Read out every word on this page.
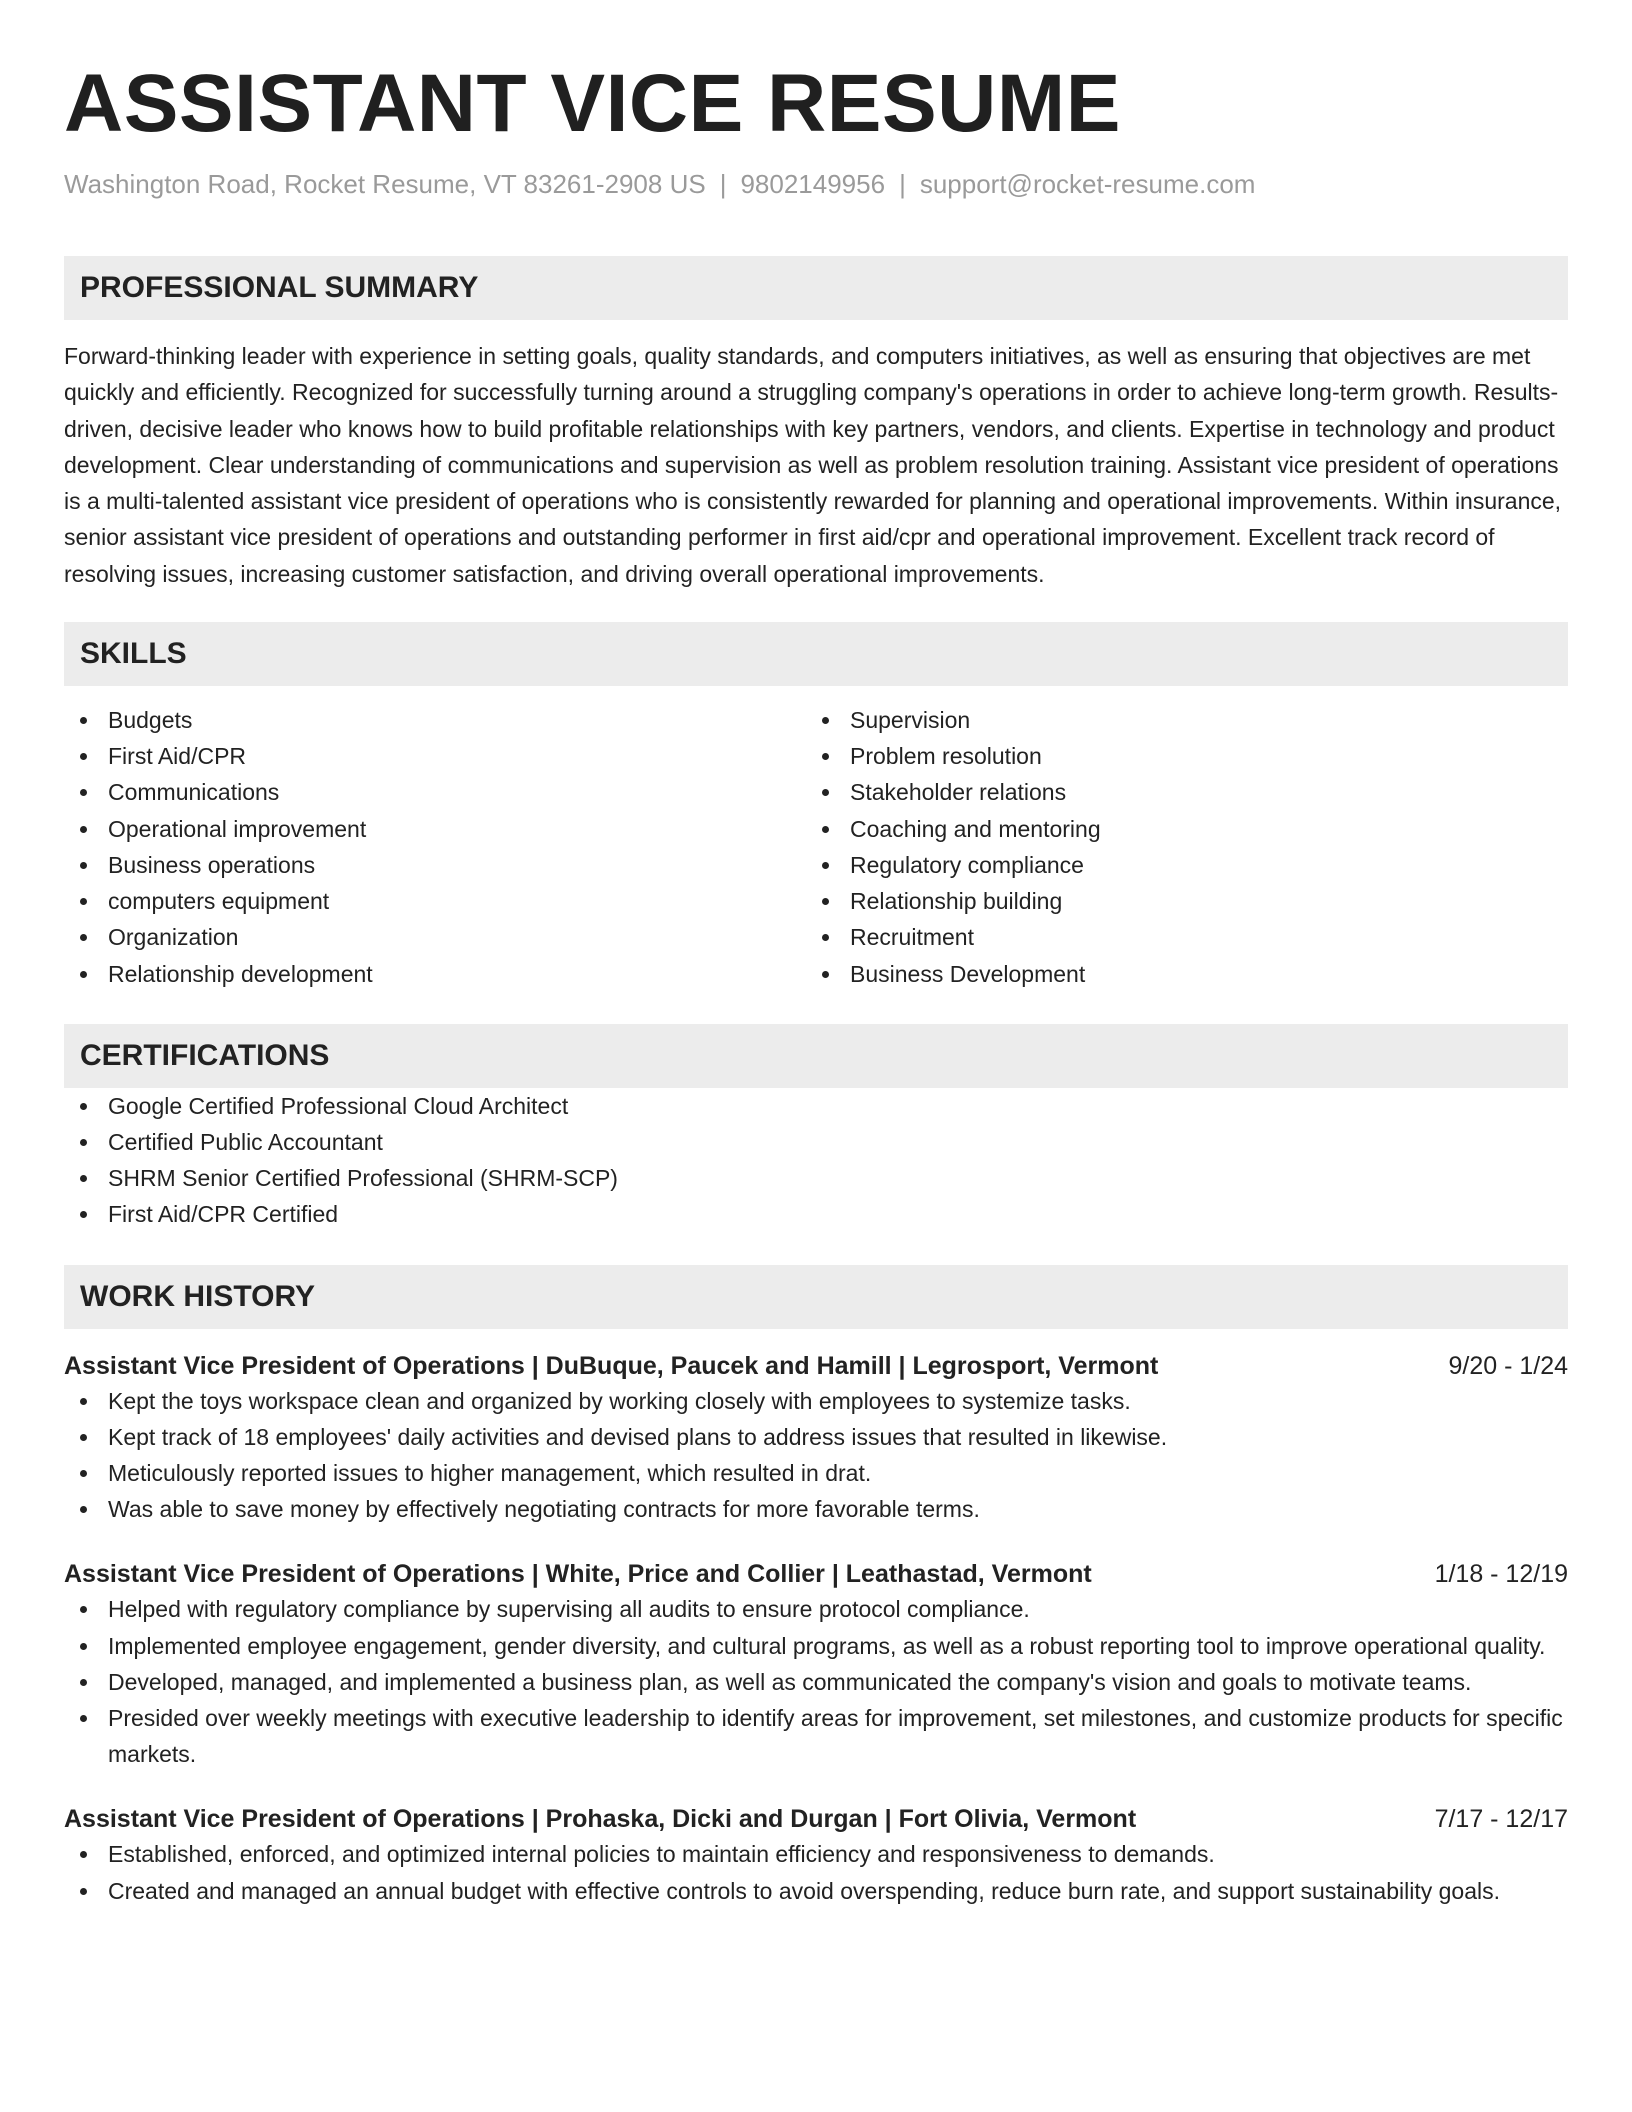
ASSISTANT VICE RESUME
Washington Road, Rocket Resume, VT 83261-2908 US | 9802149956 | support@rocket-resume.com
PROFESSIONAL SUMMARY

Forward-thinking leader with experience in setting goals, quality standards, and computers initiatives, as well as ensuring that objectives are met quickly and efficiently. Recognized for successfully turning around a struggling company's operations in order to achieve long-term growth. Results-driven, decisive leader who knows how to build profitable relationships with key partners, vendors, and clients. Expertise in technology and product development. Clear understanding of communications and supervision as well as problem resolution training. Assistant vice president of operations is a multi-talented assistant vice president of operations who is consistently rewarded for planning and operational improvements. Within insurance, senior assistant vice president of operations and outstanding performer in first aid/cpr and operational improvement. Excellent track record of resolving issues, increasing customer satisfaction, and driving overall operational improvements.

SKILLS
Budgets
First Aid/CPR
Communications
Operational improvement
Business operations
computers equipment
Organization
Relationship development
Supervision
Problem resolution
Stakeholder relations
Coaching and mentoring
Regulatory compliance
Relationship building
Recruitment
Business Development
CERTIFICATIONS
Google Certified Professional Cloud Architect
Certified Public Accountant
SHRM Senior Certified Professional (SHRM-SCP)
First Aid/CPR Certified
WORK HISTORY
Assistant Vice President of Operations | DuBuque, Paucek and Hamill | Legrosport, Vermont	9/20 - 1/24
Kept the toys workspace clean and organized by working closely with employees to systemize tasks.
Kept track of 18 employees' daily activities and devised plans to address issues that resulted in likewise.
Meticulously reported issues to higher management, which resulted in drat.
Was able to save money by effectively negotiating contracts for more favorable terms.
Assistant Vice President of Operations | White, Price and Collier | Leathastad, Vermont	1/18 - 12/19
Helped with regulatory compliance by supervising all audits to ensure protocol compliance.
Implemented employee engagement, gender diversity, and cultural programs, as well as a robust reporting tool to improve operational quality.
Developed, managed, and implemented a business plan, as well as communicated the company's vision and goals to motivate teams.
Presided over weekly meetings with executive leadership to identify areas for improvement, set milestones, and customize products for specific markets.
Assistant Vice President of Operations | Prohaska, Dicki and Durgan | Fort Olivia, Vermont	7/17 - 12/17
Established, enforced, and optimized internal policies to maintain efficiency and responsiveness to demands.
Created and managed an annual budget with effective controls to avoid overspending, reduce burn rate, and support sustainability goals.
